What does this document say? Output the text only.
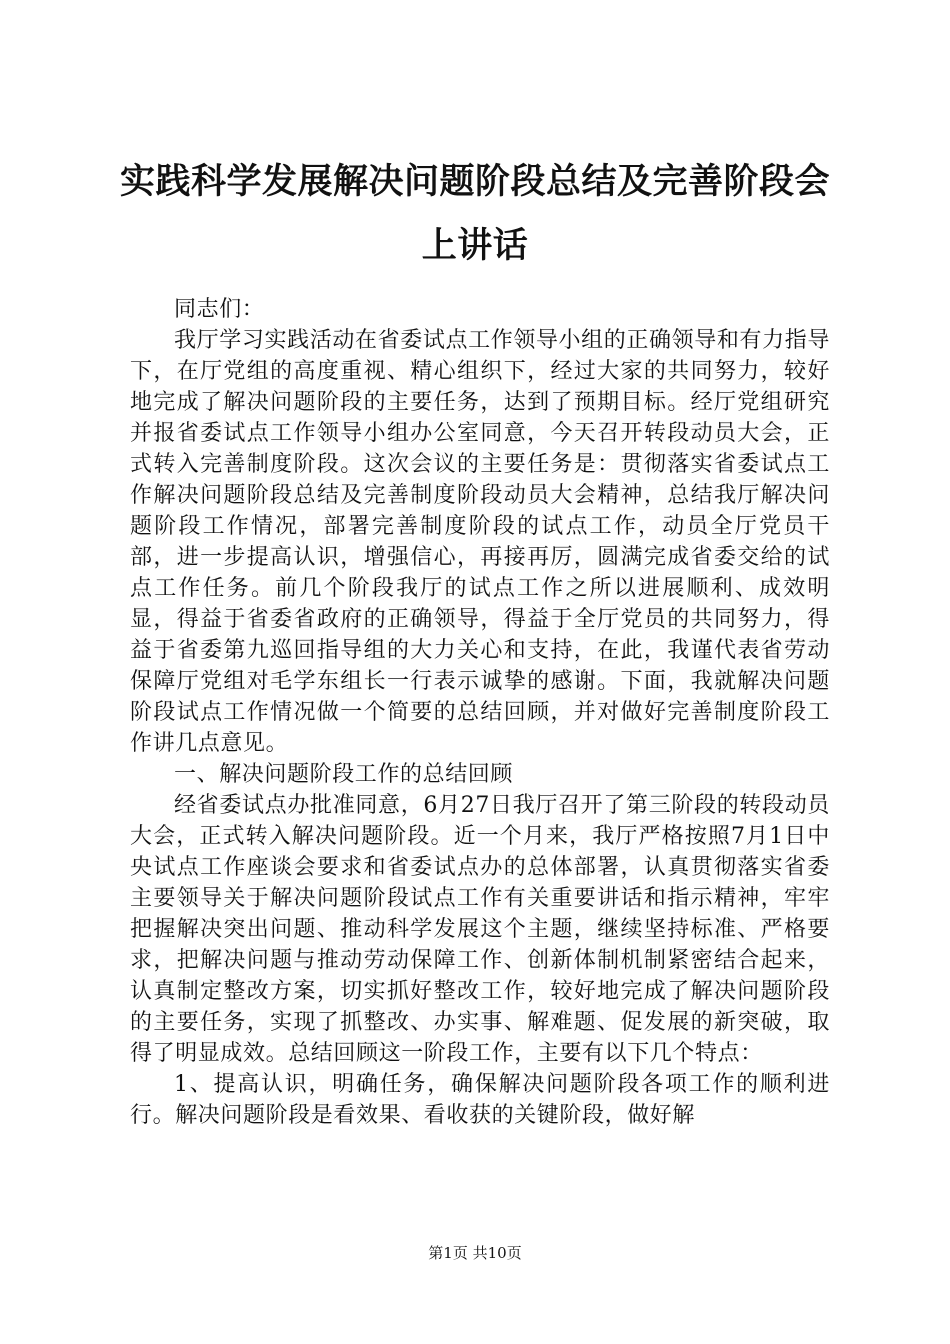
实践科学发展解决问题阶段总结及完善阶段会上讲话

同志们：

我厅学习实践活动在省委试点工作领导小组的正确领导和有力指导下，在厅党组的高度重视、精心组织下，经过大家的共同努力，较好地完成了解决问题阶段的主要任务，达到了预期目标。经厅党组研究并报省委试点工作领导小组办公室同意，今天召开转段动员大会，正式转入完善制度阶段。这次会议的主要任务是：贯彻落实省委试点工作解决问题阶段总结及完善制度阶段动员大会精神，总结我厅解决问题阶段工作情况，部署完善制度阶段的试点工作，动员全厅党员干部，进一步提高认识，增强信心，再接再厉，圆满完成省委交给的试点工作任务。前几个阶段我厅的试点工作之所以进展顺利、成效明显，得益于省委省政府的正确领导，得益于全厅党员的共同努力，得益于省委第九巡回指导组的大力关心和支持，在此，我谨代表省劳动保障厅党组对毛学东组长一行表示诚挚的感谢。下面，我就解决问题阶段试点工作情况做一个简要的总结回顾，并对做好完善制度阶段工作讲几点意见。

一、解决问题阶段工作的总结回顾

经省委试点办批准同意，6月27日我厅召开了第三阶段的转段动员大会，正式转入解决问题阶段。近一个月来，我厅严格按照7月1日中央试点工作座谈会要求和省委试点办的总体部署，认真贯彻落实省委主要领导关于解决问题阶段试点工作有关重要讲话和指示精神，牢牢把握解决突出问题、推动科学发展这个主题，继续坚持标准、严格要求，把解决问题与推动劳动保障工作、创新体制机制紧密结合起来，认真制定整改方案，切实抓好整改工作，较好地完成了解决问题阶段的主要任务，实现了抓整改、办实事、解难题、促发展的新突破，取得了明显成效。总结回顾这一阶段工作，主要有以下几个特点：

1、提高认识，明确任务，确保解决问题阶段各项工作的顺利进行。解决问题阶段是看效果、看收获的关键阶段，做好解

第1页 共10页
